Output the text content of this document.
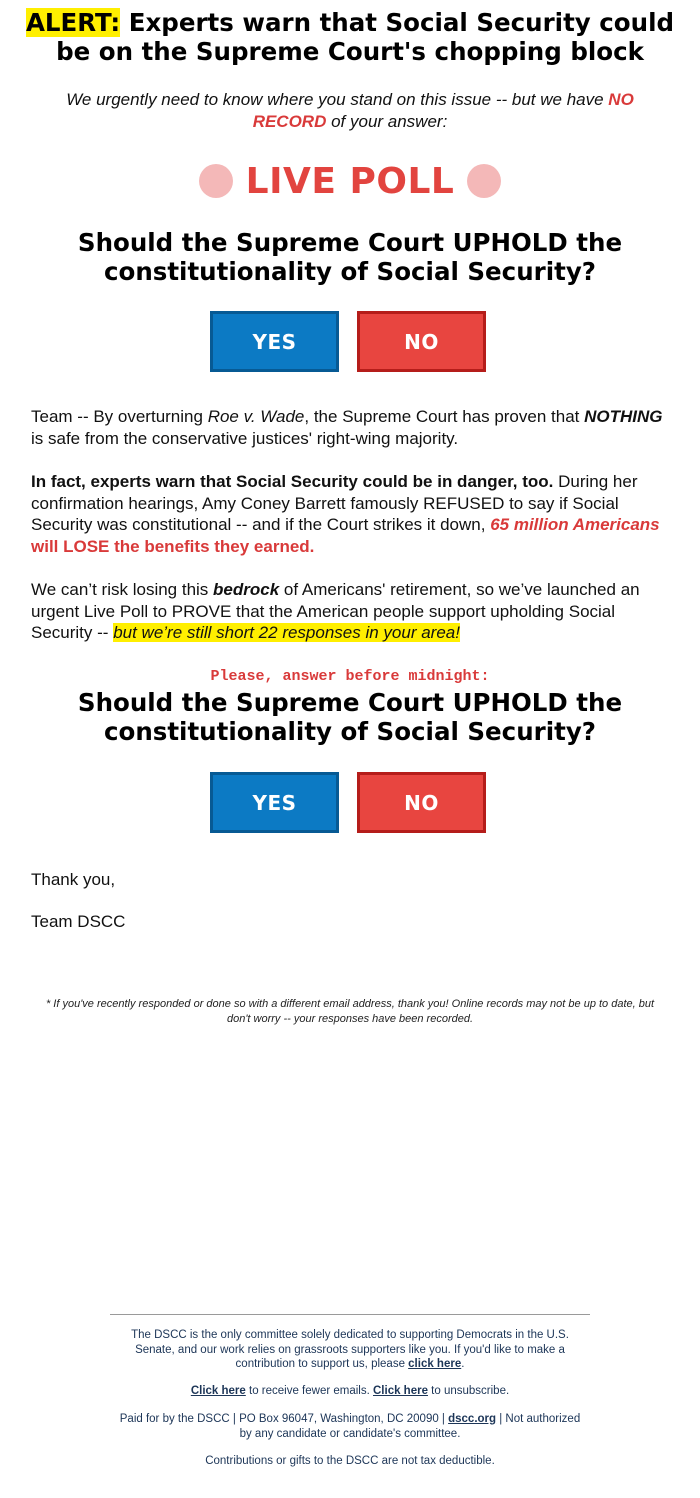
ALERT: Experts warn that Social Security could be on the Supreme Court's chopping block
We urgently need to know where you stand on this issue -- but we have NO RECORD of your answer:
LIVE POLL
Should the Supreme Court UPHOLD the constitutionality of Social Security?
YES	NO
Team -- By overturning Roe v. Wade, the Supreme Court has proven that NOTHING is safe from the conservative justices' right-wing majority.
In fact, experts warn that Social Security could be in danger, too. During her confirmation hearings, Amy Coney Barrett famously REFUSED to say if Social Security was constitutional -- and if the Court strikes it down, 65 million Americans will LOSE the benefits they earned.
We can’t risk losing this bedrock of Americans' retirement, so we’ve launched an urgent Live Poll to PROVE that the American people support upholding Social Security -- but we’re still short 22 responses in your area!
Please, answer before midnight:
Should the Supreme Court UPHOLD the constitutionality of Social Security?
YES	NO
Thank you,
Team DSCC
* If you've recently responded or done so with a different email address, thank you! Online records may not be up to date, but don't worry -- your responses have been recorded.
The DSCC is the only committee solely dedicated to supporting Democrats in the U.S. Senate, and our work relies on grassroots supporters like you. If you'd like to make a contribution to support us, please click here.
Click here to receive fewer emails. Click here to unsubscribe.
Paid for by the DSCC | PO Box 96047, Washington, DC 20090 | dscc.org | Not authorized by any candidate or candidate's committee.
Contributions or gifts to the DSCC are not tax deductible.
